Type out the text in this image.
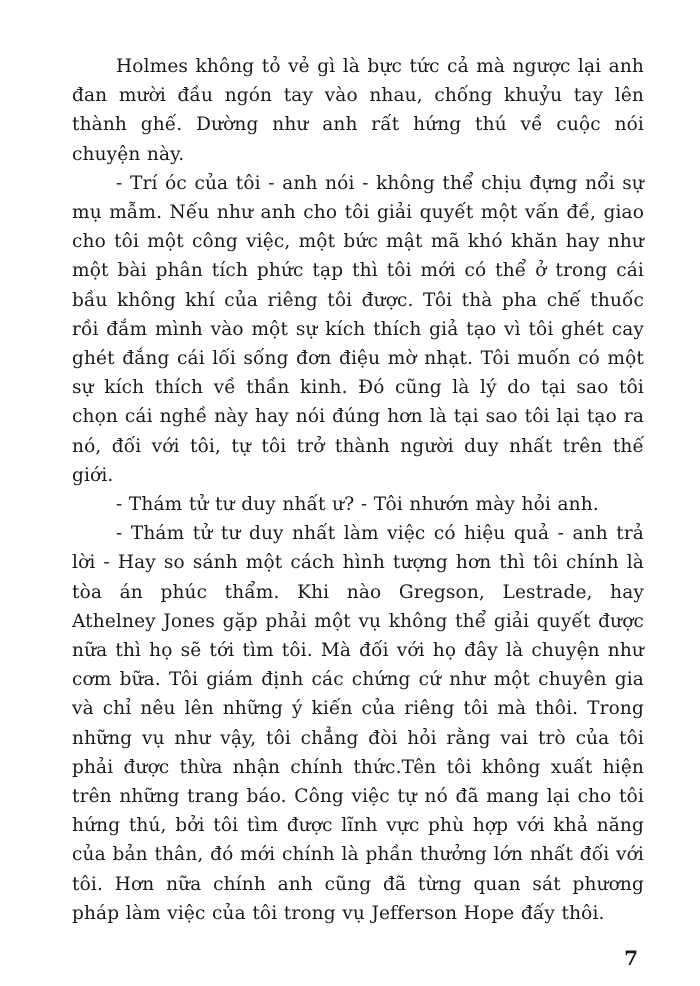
Holmes không tỏ vẻ gì là bực tức cả mà ngược lại anh đan mười đầu ngón tay vào nhau, chống khuỷu tay lên thành ghế. Dường như anh rất hứng thú về cuộc nói chuyện này.

- Trí óc của tôi - anh nói - không thể chịu đựng nổi sự mụ mẫm. Nếu như anh cho tôi giải quyết một vấn đề, giao cho tôi một công việc, một bức mật mã khó khăn hay như một bài phân tích phức tạp thì tôi mới có thể ở trong cái bầu không khí của riêng tôi được. Tôi thà pha chế thuốc rồi đắm mình vào một sự kích thích giả tạo vì tôi ghét cay ghét đắng cái lối sống đơn điệu mờ nhạt. Tôi muốn có một sự kích thích về thần kinh. Đó cũng là lý do tại sao tôi chọn cái nghề này hay nói đúng hơn là tại sao tôi lại tạo ra nó, đối với tôi, tự tôi trở thành người duy nhất trên thế giới.

- Thám tử tư duy nhất ư? - Tôi nhướn mày hỏi anh.

- Thám tử tư duy nhất làm việc có hiệu quả - anh trả lời - Hay so sánh một cách hình tượng hơn thì tôi chính là tòa án phúc thẩm. Khi nào Gregson, Lestrade, hay Athelney Jones gặp phải một vụ không thể giải quyết được nữa thì họ sẽ tới tìm tôi. Mà đối với họ đây là chuyện như cơm bữa. Tôi giám định các chứng cứ như một chuyên gia và chỉ nêu lên những ý kiến của riêng tôi mà thôi. Trong những vụ như vậy, tôi chẳng đòi hỏi rằng vai trò của tôi phải được thừa nhận chính thức.Tên tôi không xuất hiện trên những trang báo. Công việc tự nó đã mang lại cho tôi hứng thú, bởi tôi tìm được lĩnh vực phù hợp với khả năng của bản thân, đó mới chính là phần thưởng lớn nhất đối với tôi. Hơn nữa chính anh cũng đã từng quan sát phương pháp làm việc của tôi trong vụ Jefferson Hope đấy thôi.

7
